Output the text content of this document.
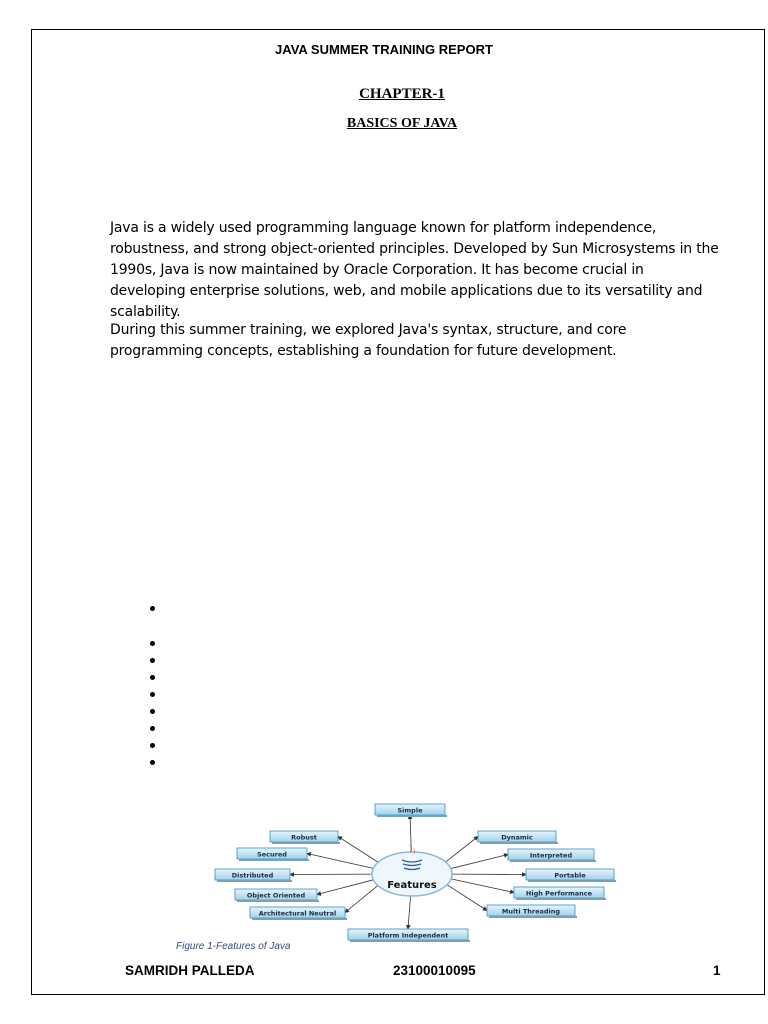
JAVA SUMMER TRAINING REPORT
CHAPTER-1
BASICS OF JAVA
Java is a widely used programming language known for platform independence, robustness, and strong object-oriented principles. Developed by Sun Microsystems in the 1990s, Java is now maintained by Oracle Corporation. It has become crucial in developing enterprise solutions, web, and mobile applications due to its versatility and scalability.
During this summer training, we explored Java's syntax, structure, and core programming concepts, establishing a foundation for future development.
Features
Simple
Robust
Secured
Distributed
Object Oriented
Architectural Neutral
Platform Independent
Dynamic
Interpreted
Portable
High Performance
Multi Threading
Figure 1-Features of Java
SAMRIDH PALLEDA	23100010095	1
